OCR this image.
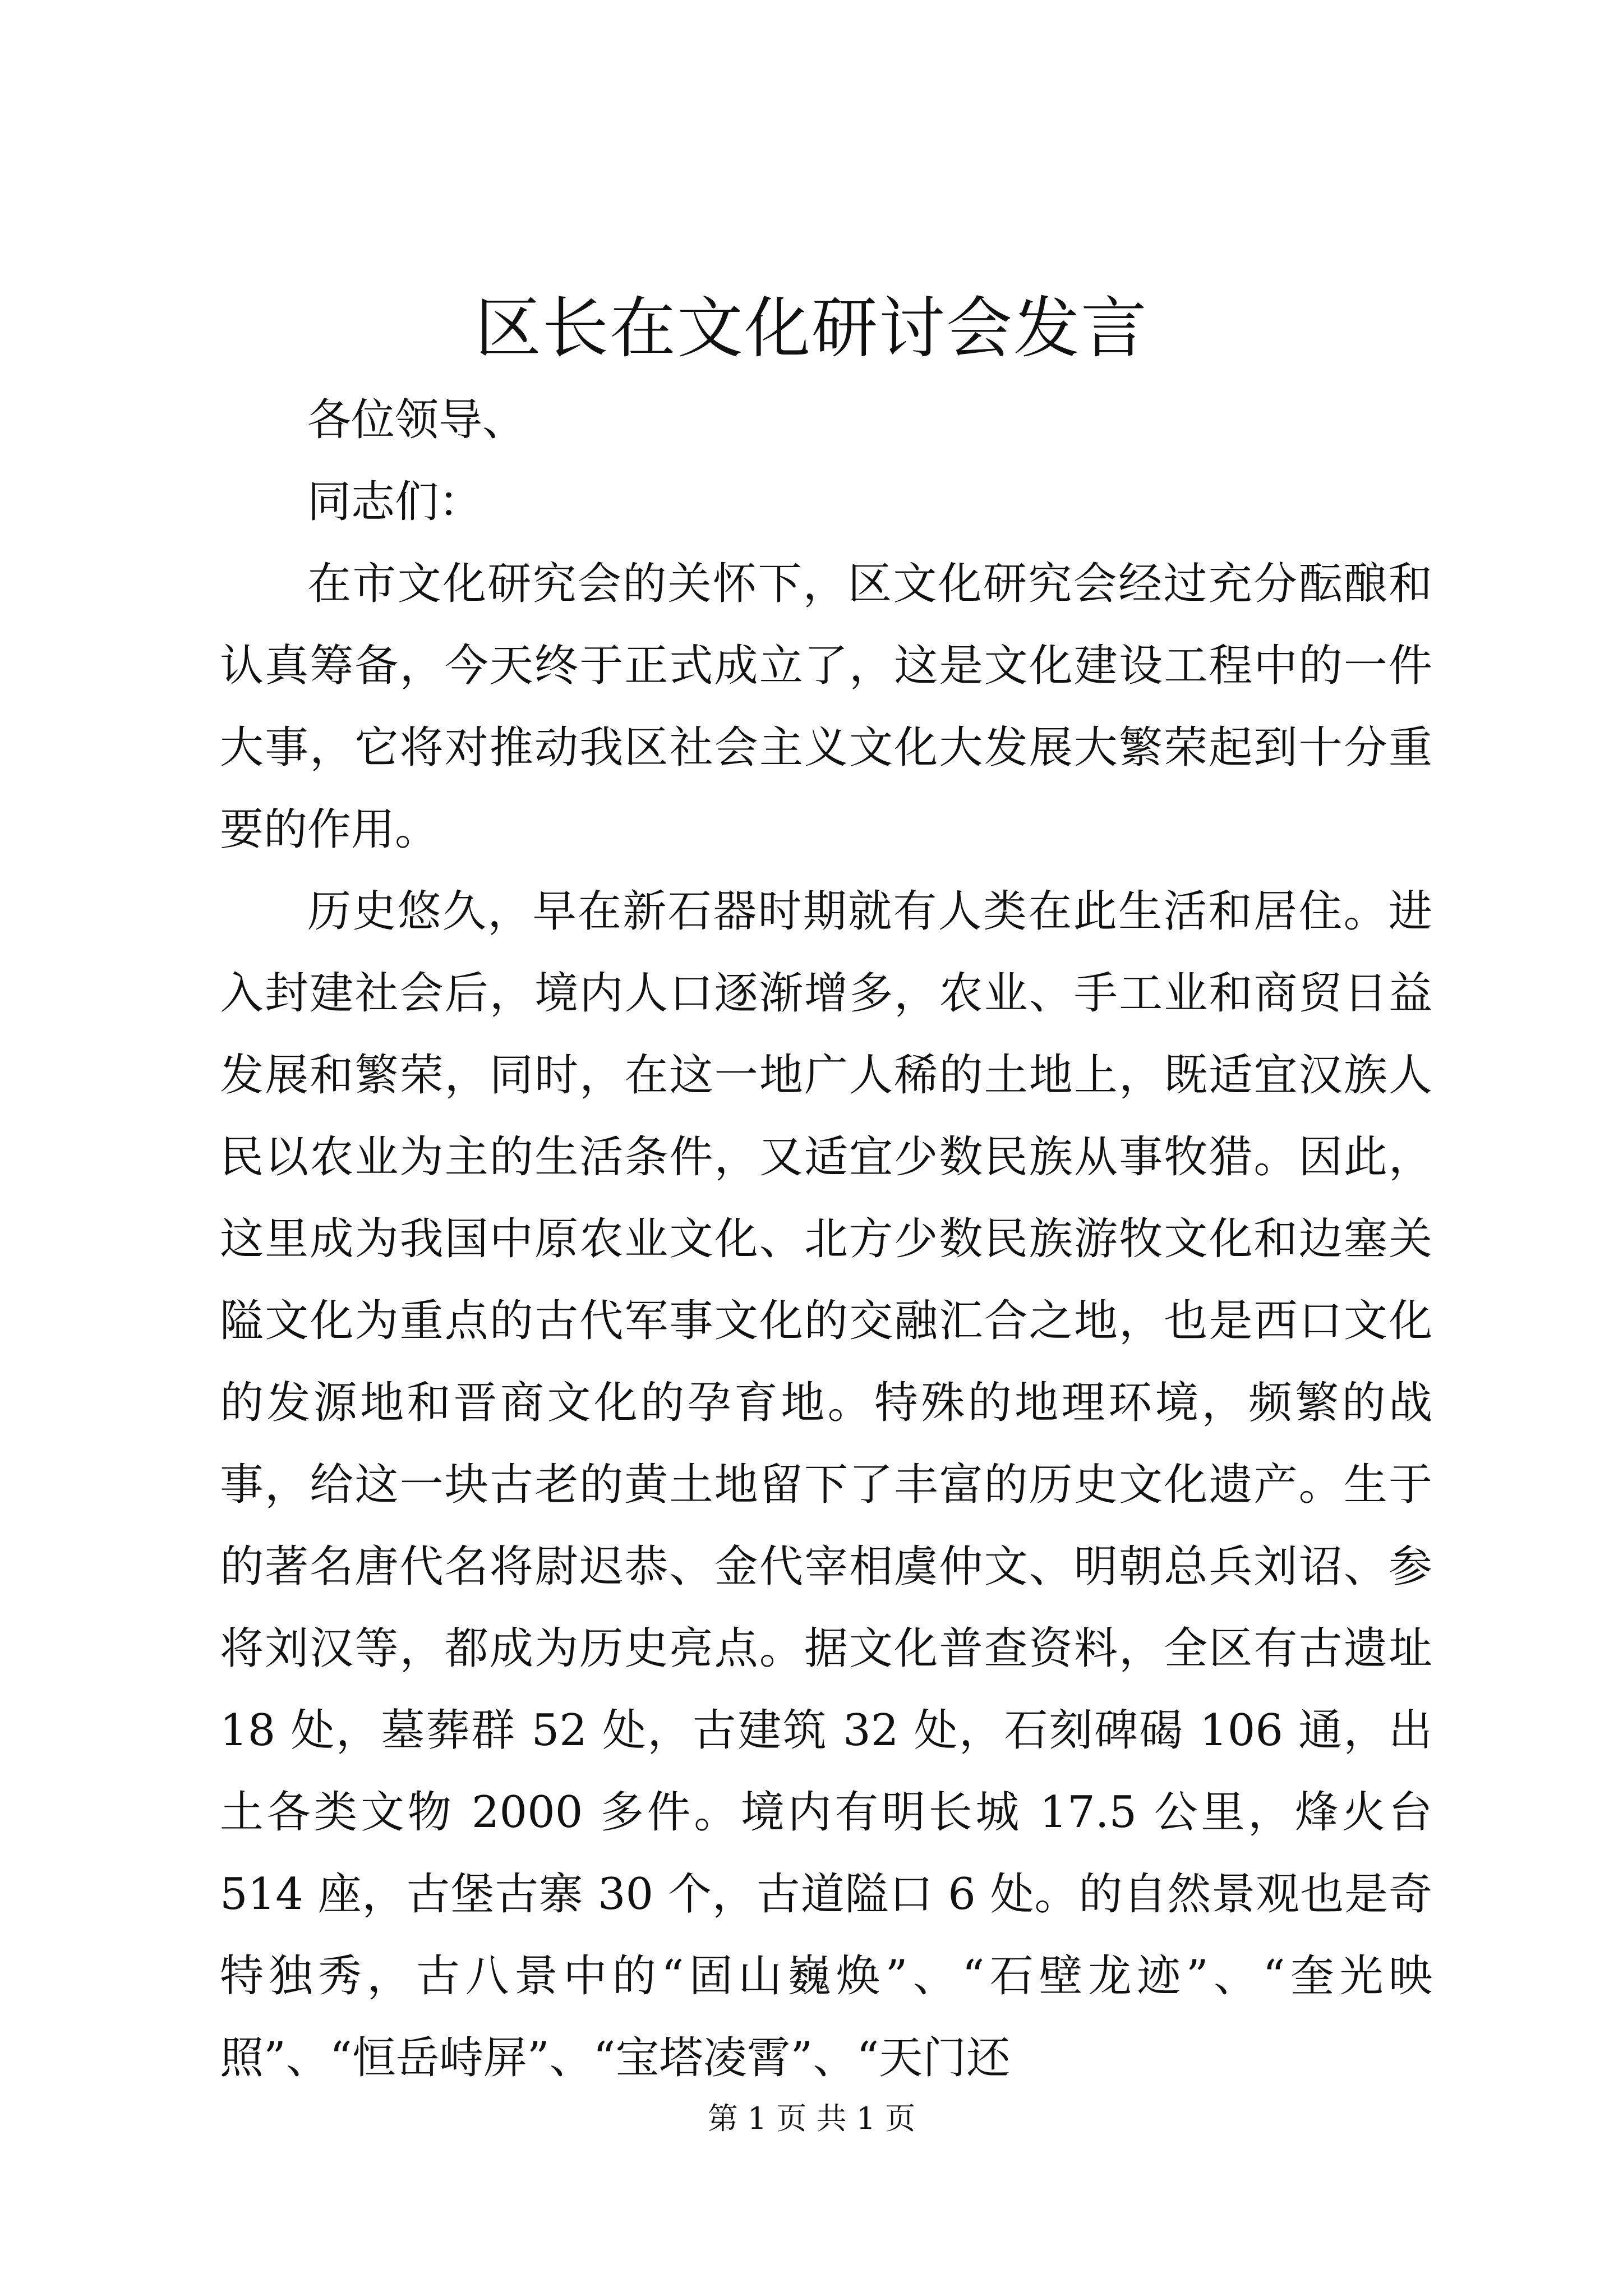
区长在文化研讨会发言

各位领导、

同志们：

在市文化研究会的关怀下，区文化研究会经过充分酝酿和认真筹备，今天终于正式成立了，这是文化建设工程中的一件大事，它将对推动我区社会主义文化大发展大繁荣起到十分重要的作用。

历史悠久，早在新石器时期就有人类在此生活和居住。进入封建社会后，境内人口逐渐增多，农业、手工业和商贸日益发展和繁荣，同时，在这一地广人稀的土地上，既适宜汉族人民以农业为主的生活条件，又适宜少数民族从事牧猎。因此，这里成为我国中原农业文化、北方少数民族游牧文化和边塞关隘文化为重点的古代军事文化的交融汇合之地，也是西口文化的发源地和晋商文化的孕育地。特殊的地理环境，频繁的战事，给这一块古老的黄土地留下了丰富的历史文化遗产。生于的著名唐代名将尉迟恭、金代宰相虞仲文、明朝总兵刘诏、参将刘汉等，都成为历史亮点。据文化普查资料，全区有古遗址 18 处，墓葬群 52 处，古建筑 32 处，石刻碑碣 106 通，出土各类文物 2000 多件。境内有明长城 17.5 公里，烽火台 514 座，古堡古寨 30 个，古道隘口 6 处。的自然景观也是奇特独秀，古八景中的“固山巍焕”、“石壁龙迹”、“奎光映照”、“恒岳峙屏”、“宝塔凌霄”、“天门还

第 1 页 共 1 页
